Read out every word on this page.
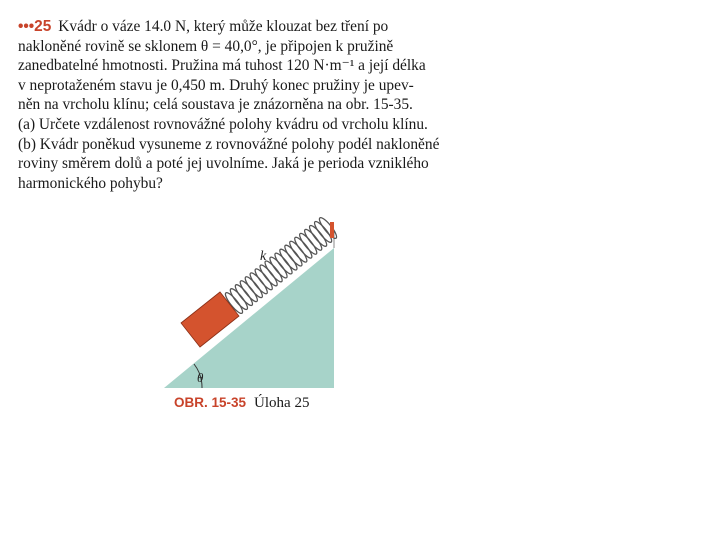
•••25 Kvádr o váze 14.0 N, který může klouzat bez tření po
nakloněné rovině se sklonem θ = 40,0°, je připojen k pružině
zanedbatelné hmotnosti. Pružina má tuhost 120 N·m⁻¹ a její délka
v neprotaženém stavu je 0,450 m. Druhý konec pružiny je upev-
něn na vrcholu klínu; celá soustava je znázorněna na obr. 15-35.
(a) Určete vzdálenost rovnovážné polohy kvádru od vrcholu klínu.
(b) Kvádr poněkud vysuneme z rovnovážné polohy podél nakloněné
roviny směrem dolů a poté jej uvolníme. Jaká je perioda vzniklého
harmonického pohybu?
θ
k
OBR. 15-35 Úloha 25
